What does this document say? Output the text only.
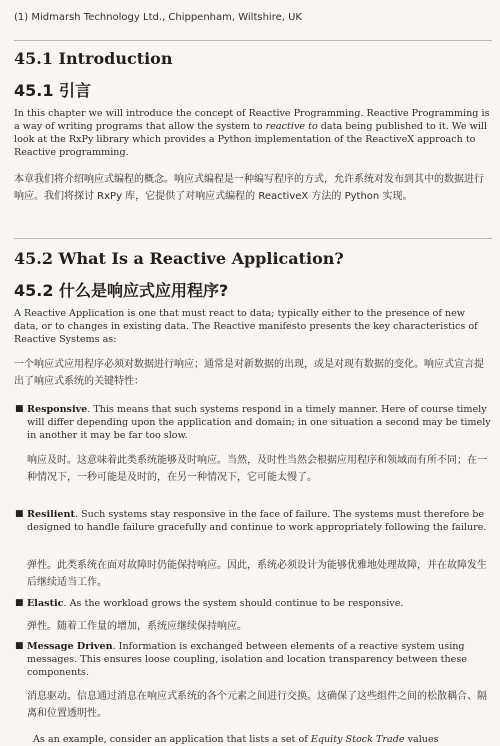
(1) Midmarsh Technology Ltd., Chippenham, Wiltshire, UK
45.1 Introduction
45.1 引言
In this chapter we will introduce the concept of Reactive Programming. Reactive Programming is a way of writing programs that allow the system to reactive to data being published to it. We will look at the RxPy library which provides a Python implementation of the ReactiveX approach to Reactive programming.
本章我们将介绍响应式编程的概念。响应式编程是一种编写程序的方式，允许系统对发布到其中的数据进行响应。我们将探讨 RxPy 库，它提供了对响应式编程的 ReactiveX 方法的 Python 实现。
45.2 What Is a Reactive Application?
45.2 什么是响应式应用程序?
A Reactive Application is one that must react to data; typically either to the presence of new data, or to changes in existing data. The Reactive manifesto presents the key characteristics of Reactive Systems as:
一个响应式应用程序必须对数据进行响应；通常是对新数据的出现，或是对现有数据的变化。响应式宣言提出了响应式系统的关键特性：
■ Responsive. This means that such systems respond in a timely manner. Here of course timely will differ depending upon the application and domain; in one situation a second may be timely in another it may be far too slow.
响应及时。这意味着此类系统能够及时响应。当然，及时性当然会根据应用程序和领域而有所不同；在一种情况下，一秒可能是及时的，在另一种情况下，它可能太慢了。
■ Resilient. Such systems stay responsive in the face of failure. The systems must therefore be designed to handle failure gracefully and continue to work appropriately following the failure.
弹性。此类系统在面对故障时仍能保持响应。因此，系统必须设计为能够优雅地处理故障，并在故障发生后继续适当工作。
■ Elastic. As the workload grows the system should continue to be responsive.
弹性。随着工作量的增加，系统应继续保持响应。
■ Message Driven. Information is exchanged between elements of a reactive system using messages. This ensures loose coupling, isolation and location transparency between these components.
消息驱动。信息通过消息在响应式系统的各个元素之间进行交换。这确保了这些组件之间的松散耦合、隔离和位置透明性。
As an example, consider an application that lists a set of Equity Stock Trade values
